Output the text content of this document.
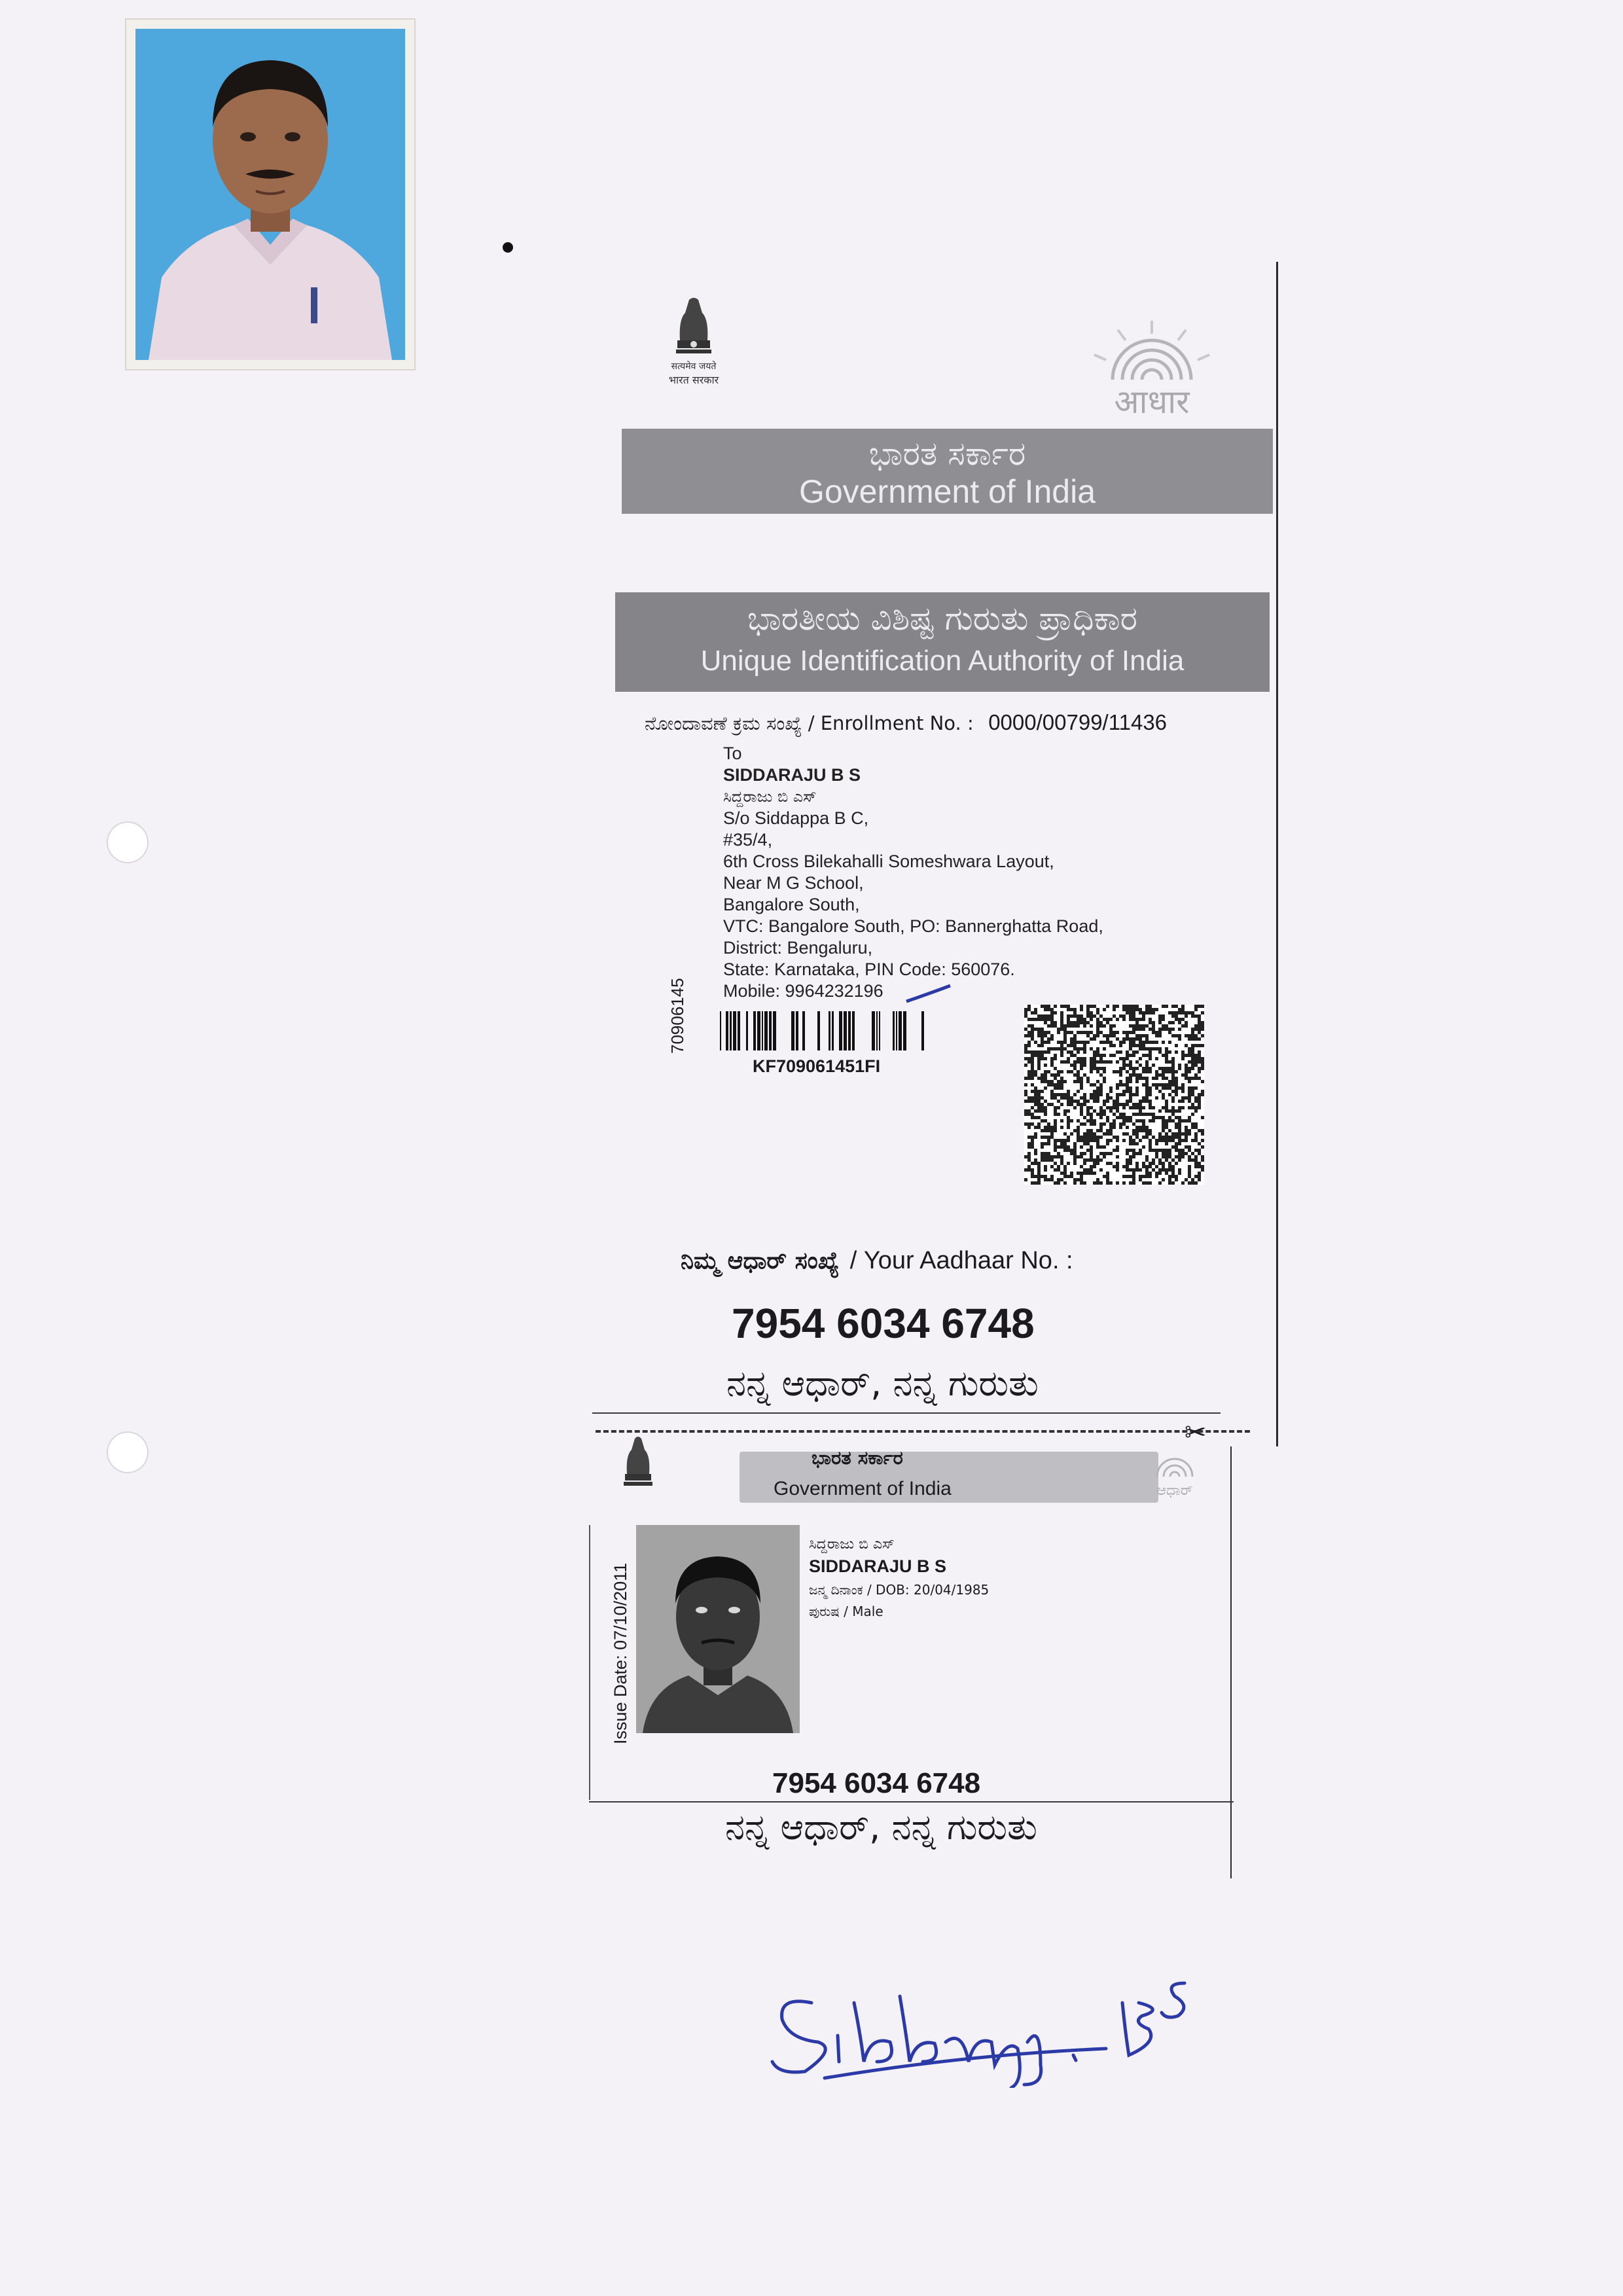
सत्यमेव जयते
भारत सरकार
आधार
ಭಾರತ ಸರ್ಕಾರ
Government of India
ಭಾರತೀಯ ವಿಶಿಷ್ಟ ಗುರುತು ಪ್ರಾಧಿಕಾರ
Unique Identification Authority of India
ನೋಂದಾವಣೆ ಕ್ರಮ ಸಂಖ್ಯೆ / Enrollment No. : 0000/00799/11436
To
SIDDARAJU B S
ಸಿದ್ದರಾಜು ಬಿ ಎಸ್
S/o Siddappa B C,
#35/4,
6th Cross Bilekahalli Someshwara Layout,
Near M G School,
Bangalore South,
VTC: Bangalore South, PO: Bannerghatta Road,
District: Bengaluru,
State: Karnataka, PIN Code: 560076.
Mobile: 9964232196
70906145
KF709061451FI
ನಿಮ್ಮ ಆಧಾರ್ ಸಂಖ್ಯೆ / Your Aadhaar No. :
7954 6034 6748
ನನ್ನ ಆಧಾರ್, ನನ್ನ ಗುರುತು
✂
ಭಾರತ ಸರ್ಕಾರ
Government of India	ಆಧಾರ್
Issue Date: 07/10/2011
ಸಿದ್ದರಾಜು ಬಿ ಎಸ್
SIDDARAJU B S
ಜನ್ಮ ದಿನಾಂಕ / DOB: 20/04/1985
ಪುರುಷ / Male
7954 6034 6748
ನನ್ನ ಆಧಾರ್, ನನ್ನ ಗುರುತು
